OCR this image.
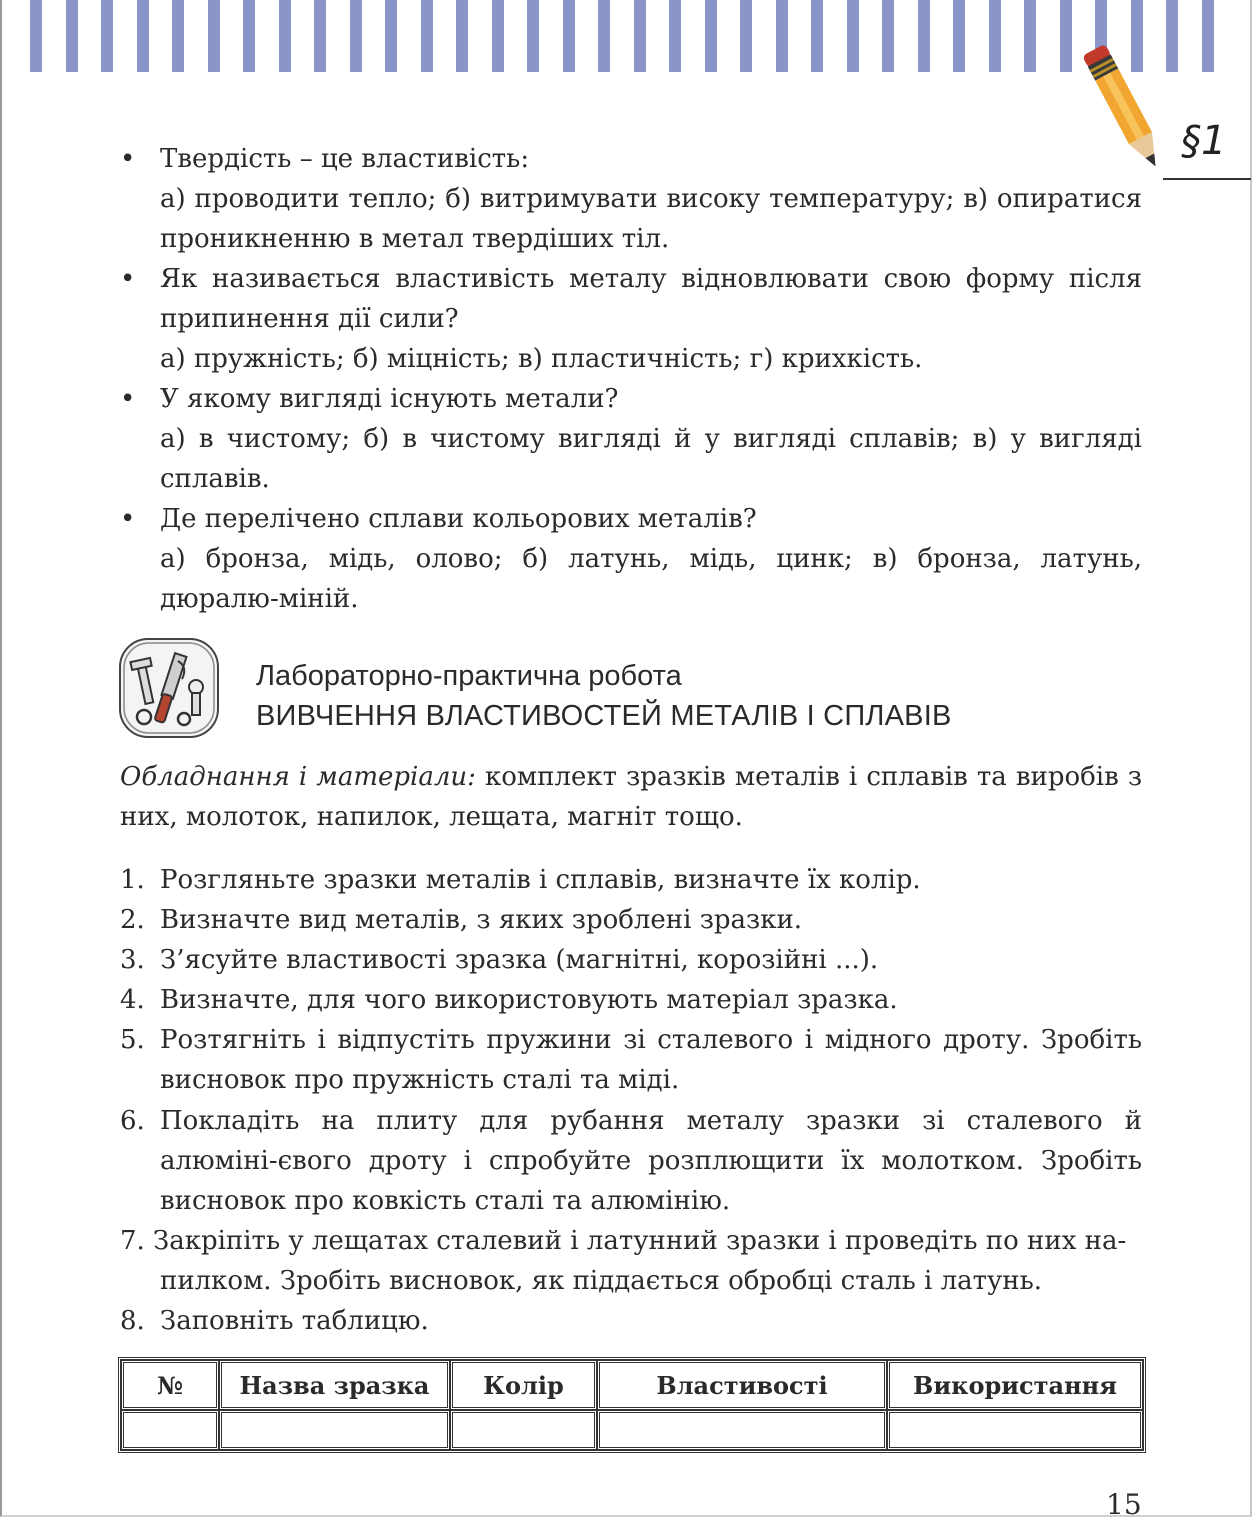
§1
• Твердість – це властивість:
а) проводити тепло; б) витримувати високу температуру; в) опиратися проникненню в метал твердіших тіл.
• Як називається властивість металу відновлювати свою форму після припинення дії сили?
а) пружність; б) міцність; в) пластичність; г) крихкість.
• У якому вигляді існують метали?
а) в чистому; б) в чистому вигляді й у вигляді сплавів; в) у вигляді сплавів.
• Де перелічено сплави кольорових металів?
а) бронза, мідь, олово; б) латунь, мідь, цинк; в) бронза, латунь, дюралю-міній.
Лабораторно-практична робота
ВИВЧЕННЯ ВЛАСТИВОСТЕЙ МЕТАЛІВ І СПЛАВІВ
Обладнання і матеріали: комплект зразків металів і сплавів та виробів з них, молоток, напилок, лещата, магніт тощо.
1. Розгляньте зразки металів і сплавів, визначте їх колір.
2. Визначте вид металів, з яких зроблені зразки.
3. З’ясуйте властивості зразка (магнітні, корозійні ...).
4. Визначте, для чого використовують матеріал зразка.
5. Розтягніть і відпустіть пружини зі сталевого і мідного дроту. Зробіть висновок про пружність сталі та міді.
6. Покладіть на плиту для рубання металу зразки зі сталевого й алюміні-євого дроту і спробуйте розплющити їх молотком. Зробіть висновок про ковкість сталі та алюмінію.
7. Закріпіть у лещатах сталевий і латунний зразки і проведіть по них на-
пилком. Зробіть висновок, як піддається обробці сталь і латунь.
8. Заповніть таблицю.
№	Назва зразка	Колір	Властивості	Використання

15
